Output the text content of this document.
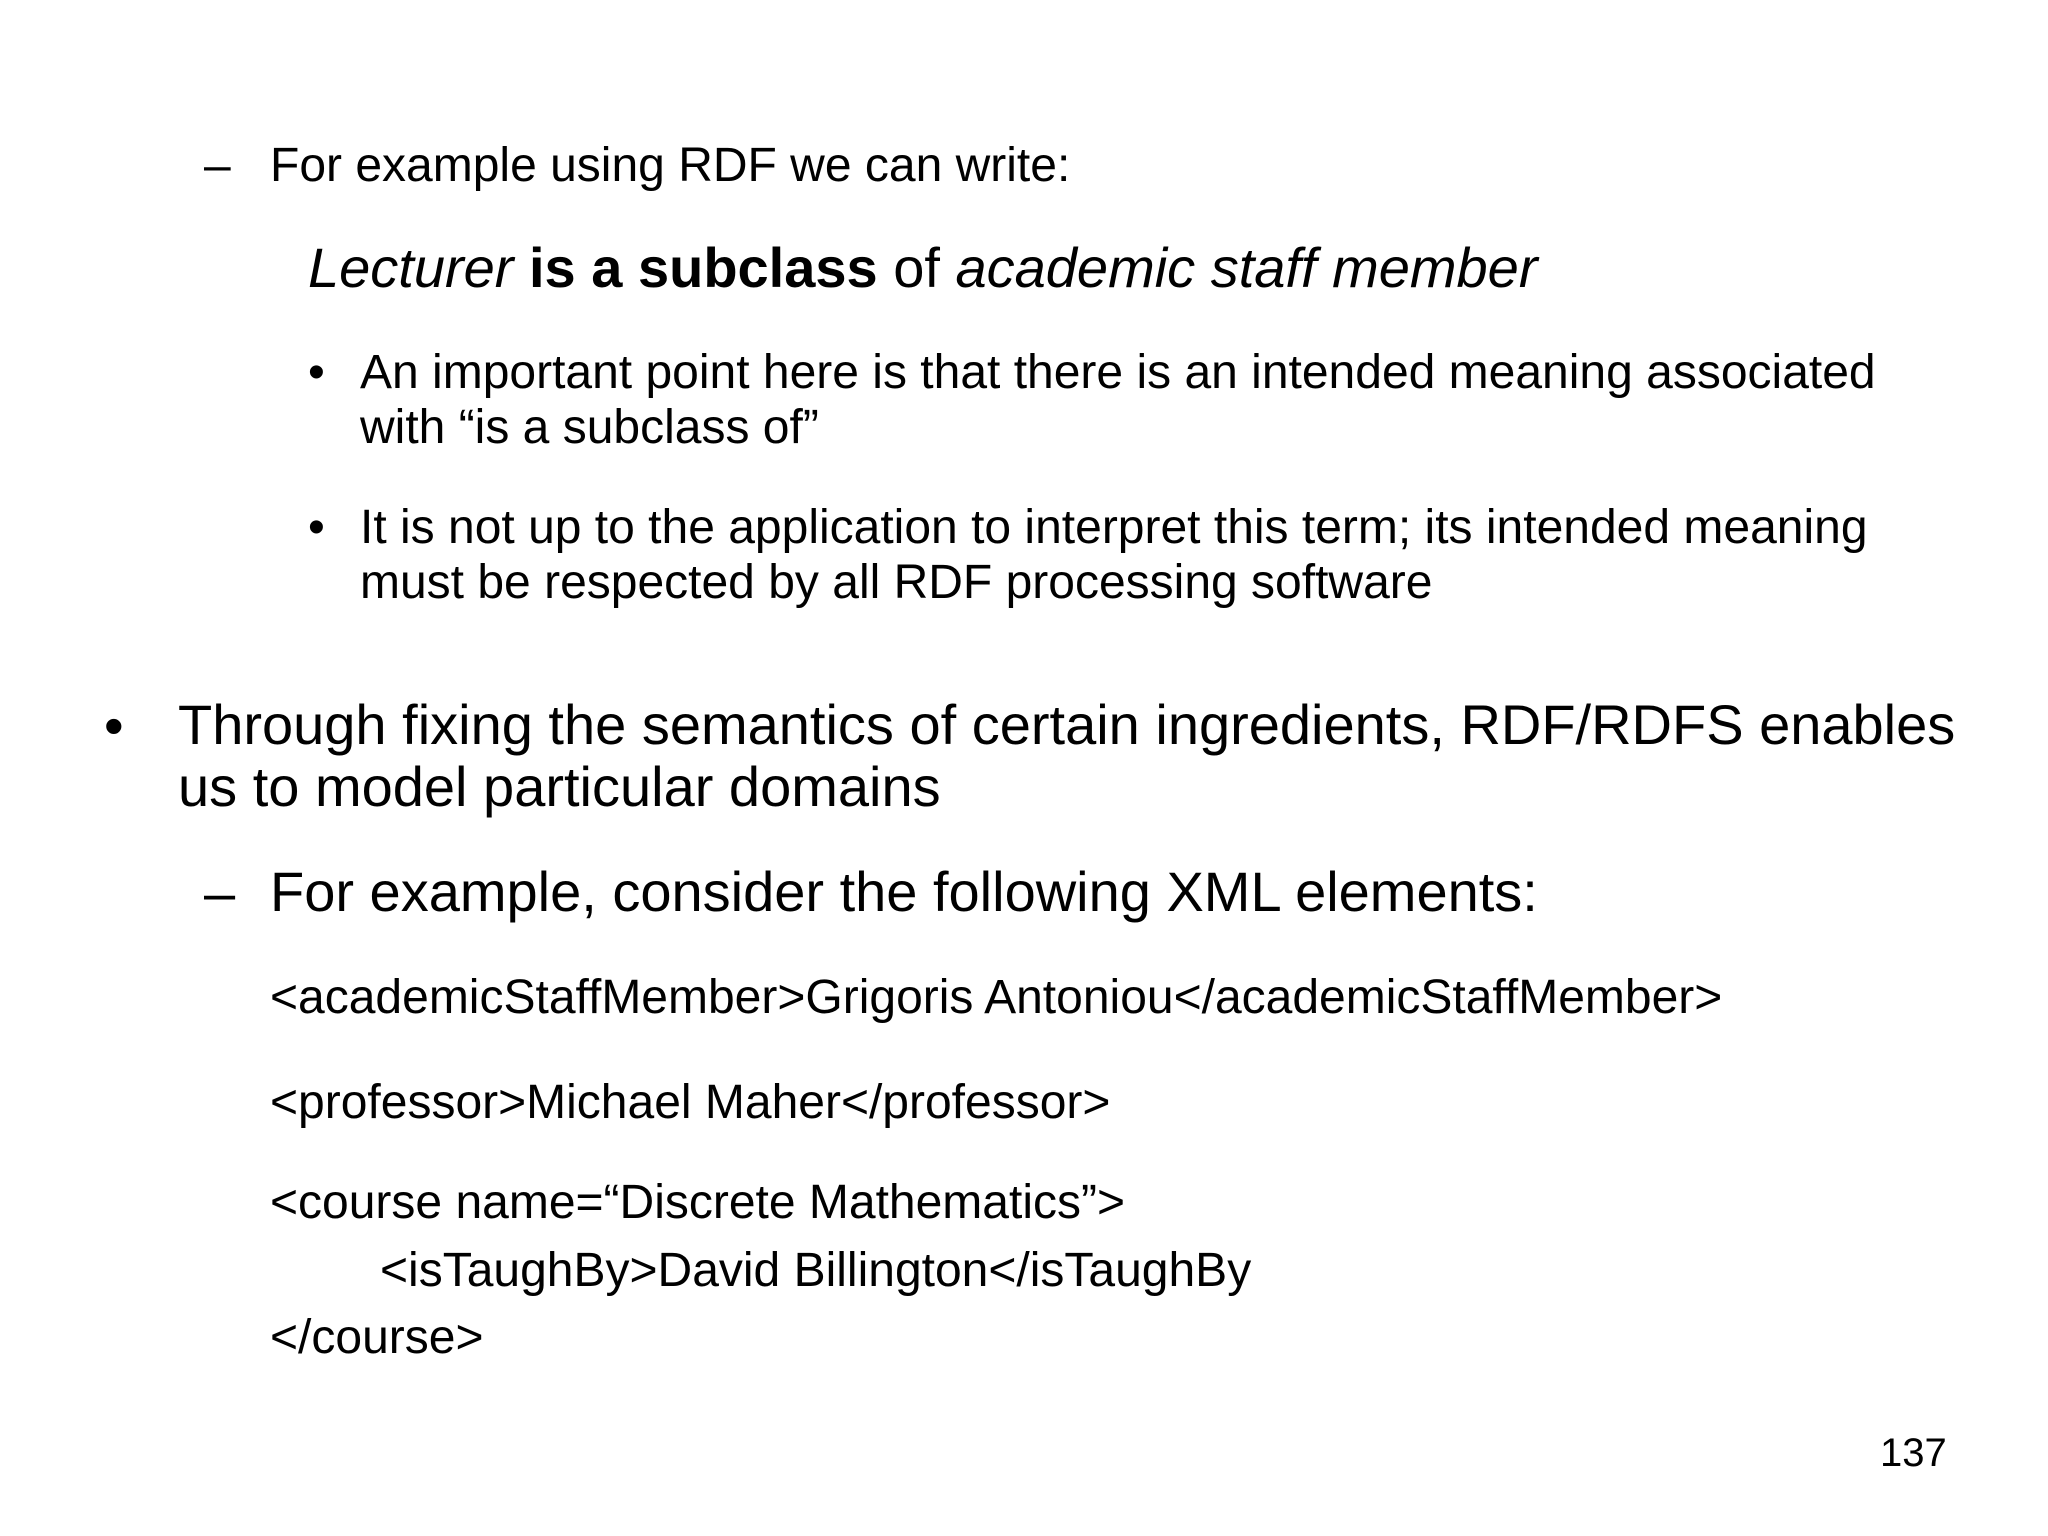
– For example using RDF we can write:
Lecturer is a subclass of academic staff member
• An important point here is that there is an intended meaning associated
with “is a subclass of”
• It is not up to the application to interpret this term; its intended meaning
must be respected by all RDF processing software
• Through fixing the semantics of certain ingredients, RDF/RDFS enables
us to model particular domains
– For example, consider the following XML elements:
<academicStaffMember>Grigoris Antoniou</academicStaffMember>
<professor>Michael Maher</professor>
<course name=“Discrete Mathematics”>
<isTaughBy>David Billington</isTaughBy
</course>
137
